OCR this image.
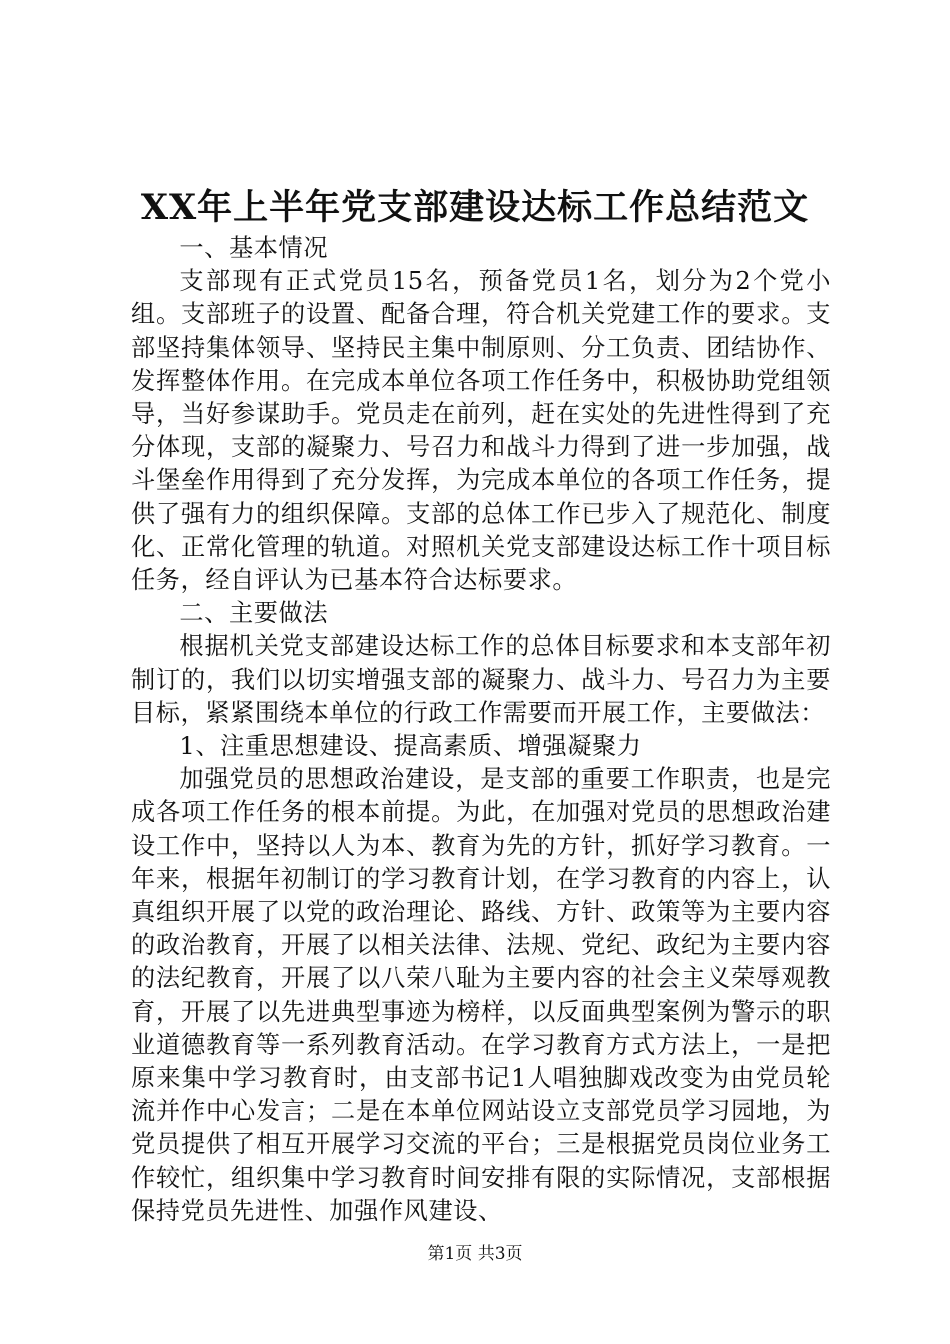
XX年上半年党支部建设达标工作总结范文

一、基本情况

支部现有正式党员15名，预备党员1名，划分为2个党小组。支部班子的设置、配备合理，符合机关党建工作的要求。支部坚持集体领导、坚持民主集中制原则、分工负责、团结协作、发挥整体作用。在完成本单位各项工作任务中，积极协助党组领导，当好参谋助手。党员走在前列，赶在实处的先进性得到了充分体现，支部的凝聚力、号召力和战斗力得到了进一步加强，战斗堡垒作用得到了充分发挥，为完成本单位的各项工作任务，提供了强有力的组织保障。支部的总体工作已步入了规范化、制度化、正常化管理的轨道。对照机关党支部建设达标工作十项目标任务，经自评认为已基本符合达标要求。

二、主要做法

根据机关党支部建设达标工作的总体目标要求和本支部年初制订的，我们以切实增强支部的凝聚力、战斗力、号召力为主要目标，紧紧围绕本单位的行政工作需要而开展工作，主要做法：

1、注重思想建设、提高素质、增强凝聚力

加强党员的思想政治建设，是支部的重要工作职责，也是完成各项工作任务的根本前提。为此，在加强对党员的思想政治建设工作中，坚持以人为本、教育为先的方针，抓好学习教育。一年来，根据年初制订的学习教育计划，在学习教育的内容上，认真组织开展了以党的政治理论、路线、方针、政策等为主要内容的政治教育，开展了以相关法律、法规、党纪、政纪为主要内容的法纪教育，开展了以八荣八耻为主要内容的社会主义荣辱观教育，开展了以先进典型事迹为榜样，以反面典型案例为警示的职业道德教育等一系列教育活动。在学习教育方式方法上，一是把原来集中学习教育时，由支部书记1人唱独脚戏改变为由党员轮流并作中心发言；二是在本单位网站设立支部党员学习园地，为党员提供了相互开展学习交流的平台；三是根据党员岗位业务工作较忙，组织集中学习教育时间安排有限的实际情况，支部根据保持党员先进性、加强作风建设、

第1页 共3页
